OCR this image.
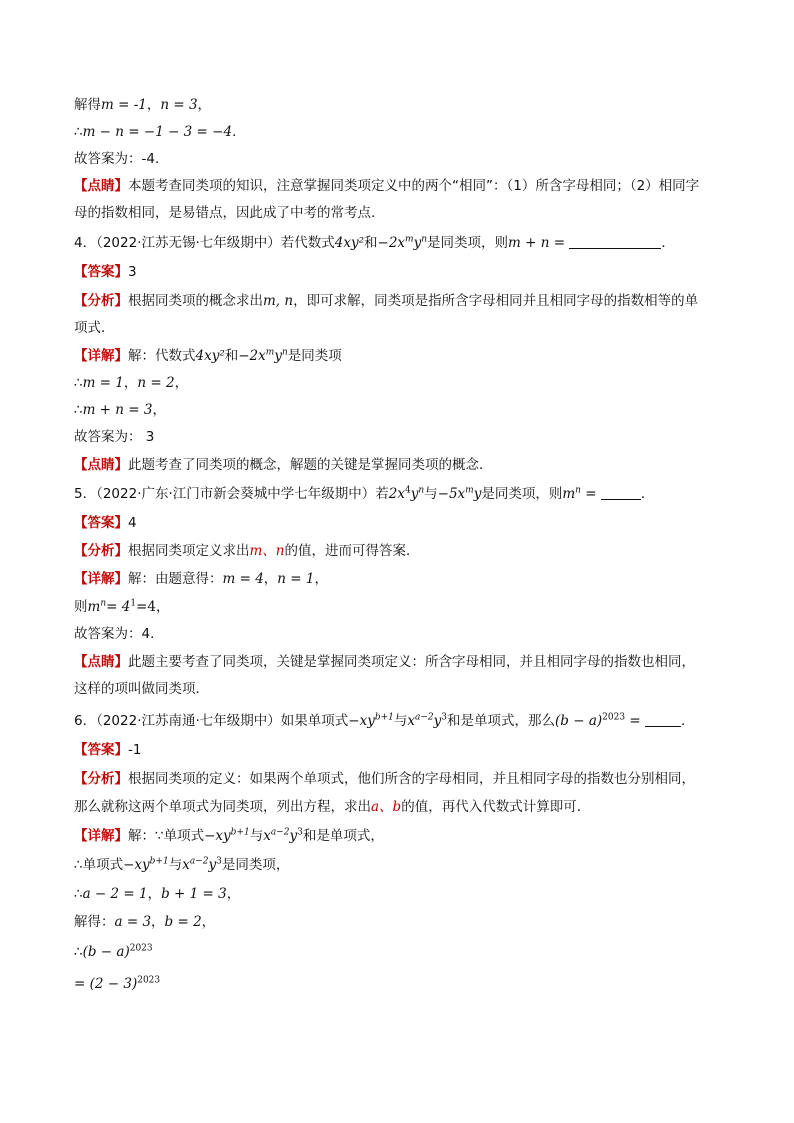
解得m = -1，n = 3，
∴m − n = −1 − 3 = −4．
故答案为：-4．
【点睛】本题考查同类项的知识，注意掌握同类项定义中的两个“相同”：（1）所含字母相同；（2）相同字
母的指数相同，是易错点，因此成了中考的常考点．
4．（2022·江苏无锡·七年级期中）若代数式4xy²和$-2x^my^n$是同类项，则m + n =	．
【答案】3
【分析】根据同类项的概念求出m, n，即可求解，同类项是指所含字母相同并且相同字母的指数相等的单
项式．
【详解】解：代数式4xy²和$-2x^my^n$是同类项
∴m = 1，n = 2，
∴m + n = 3，
故答案为： 3
【点睛】此题考查了同类项的概念，解题的关键是掌握同类项的概念．
5．（2022·广东·江门市新会葵城中学七年级期中）若$2x^4y^n$与$-5x^my$是同类项，则$m^n$ =	．
【答案】4
【分析】根据同类项定义求出m、n的值，进而可得答案．
【详解】解：由题意得：m = 4，n = 1，
则$m^n= 4^1=4$，
故答案为：4．
【点睛】此题主要考查了同类项，关键是掌握同类项定义：所含字母相同，并且相同字母的指数也相同，
这样的项叫做同类项．
6．（2022·江苏南通·七年级期中）如果单项式$-xy^{b+1}$与$x^{a-2}y^3$和是单项式，那么$(b - a)^{2023}$ =	．
【答案】-1
【分析】根据同类项的定义：如果两个单项式，他们所含的字母相同，并且相同字母的指数也分别相同，
那么就称这两个单项式为同类项，列出方程，求出a、b的值，再代入代数式计算即可．
【详解】解：∵单项式$-xy^{b+1}$与$x^{a-2}y^3$和是单项式，
∴单项式$-xy^{b+1}$与$x^{a-2}y^3$是同类项，
∴a − 2 = 1，b + 1 = 3，
解得：a = 3，b = 2，
∴(b − a)$^{2023}$
= $(2 - 3)^{2023}$
